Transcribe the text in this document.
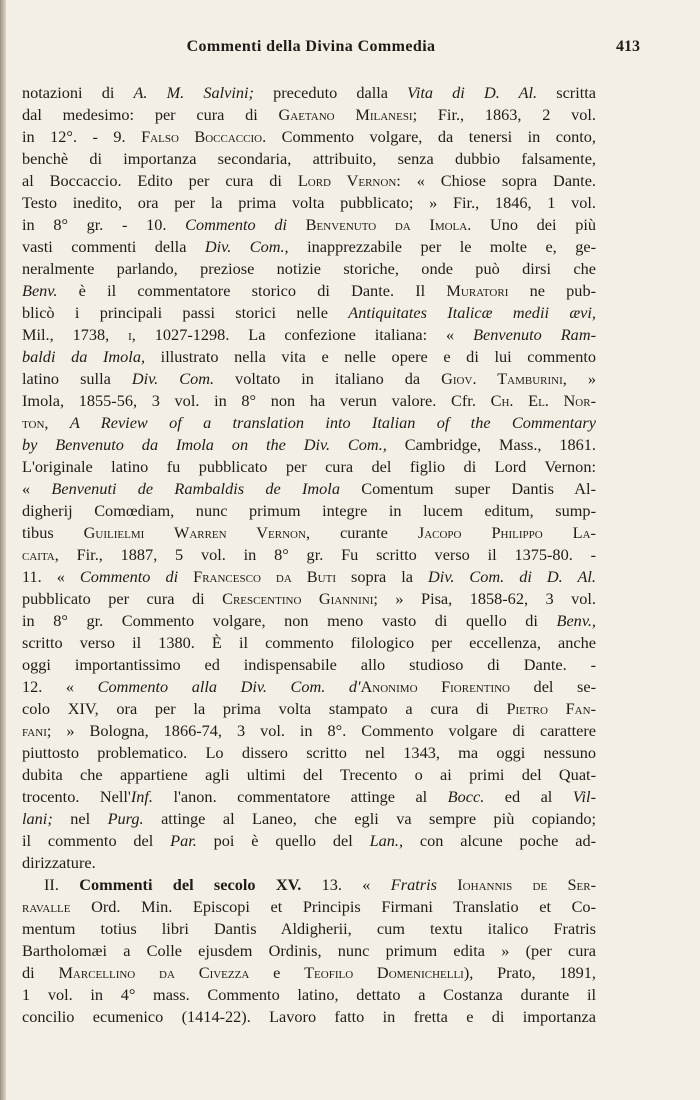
Commenti della Divina Commedia	413
notazioni di A. M. Salvini; preceduto dalla Vita di D. Al. scritta
dal medesimo: per cura di Gaetano Milanesi; Fir., 1863, 2 vol.
in 12°. - 9. Falso Boccaccio. Commento volgare, da tenersi in conto,
benchè di importanza secondaria, attribuito, senza dubbio falsamente,
al Boccaccio. Edito per cura di Lord Vernon: « Chiose sopra Dante.
Testo inedito, ora per la prima volta pubblicato; » Fir., 1846, 1 vol.
in 8° gr. - 10. Commento di Benvenuto da Imola. Uno dei più
vasti commenti della Div. Com., inapprezzabile per le molte e, ge-
neralmente parlando, preziose notizie storiche, onde può dirsi che
Benv. è il commentatore storico di Dante. Il Muratori ne pub-
blicò i principali passi storici nelle Antiquitates Italicæ medii ævi,
Mil., 1738, i, 1027-1298. La confezione italiana: « Benvenuto Ram-
baldi da Imola, illustrato nella vita e nelle opere e di lui commento
latino sulla Div. Com. voltato in italiano da Giov. Tamburini, »
Imola, 1855-56, 3 vol. in 8° non ha verun valore. Cfr. Ch. El. Nor-
ton, A Review of a translation into Italian of the Commentary
by Benvenuto da Imola on the Div. Com., Cambridge, Mass., 1861.
L'originale latino fu pubblicato per cura del figlio di Lord Vernon:
« Benvenuti de Rambaldis de Imola Comentum super Dantis Al-
digherij Comœdiam, nunc primum integre in lucem editum, sump-
tibus Guilielmi Warren Vernon, curante Jacopo Philippo La-
caita, Fir., 1887, 5 vol. in 8° gr. Fu scritto verso il 1375-80. -
11. « Commento di Francesco da Buti sopra la Div. Com. di D. Al.
pubblicato per cura di Crescentino Giannini; » Pisa, 1858-62, 3 vol.
in 8° gr. Commento volgare, non meno vasto di quello di Benv.,
scritto verso il 1380. È il commento filologico per eccellenza, anche
oggi importantissimo ed indispensabile allo studioso di Dante. -
12. « Commento alla Div. Com. d'Anonimo Fiorentino del se-
colo XIV, ora per la prima volta stampato a cura di Pietro Fan-
fani; » Bologna, 1866-74, 3 vol. in 8°. Commento volgare di carattere
piuttosto problematico. Lo dissero scritto nel 1343, ma oggi nessuno
dubita che appartiene agli ultimi del Trecento o ai primi del Quat-
trocento. Nell'Inf. l'anon. commentatore attinge al Bocc. ed al Vil-
lani; nel Purg. attinge al Laneo, che egli va sempre più copiando;
il commento del Par. poi è quello del Lan., con alcune poche ad-
dirizzature.
II. Commenti del secolo XV. 13. « Fratris Iohannis de Ser-
ravalle Ord. Min. Episcopi et Principis Firmani Translatio et Co-
mentum totius libri Dantis Aldigherii, cum textu italico Fratris
Bartholomæi a Colle ejusdem Ordinis, nunc primum edita » (per cura
di Marcellino da Civezza e Teofilo Domenichelli), Prato, 1891,
1 vol. in 4° mass. Commento latino, dettato a Costanza durante il
concilio ecumenico (1414-22). Lavoro fatto in fretta e di importanza
